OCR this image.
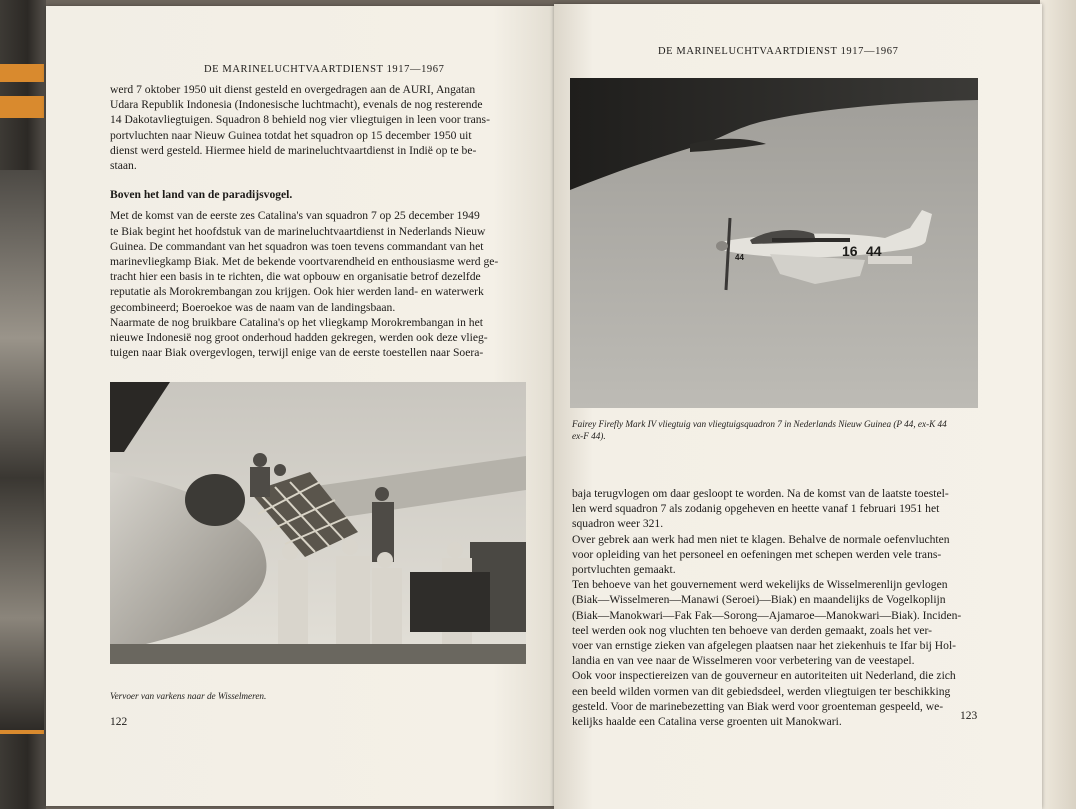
DE MARINELUCHTVAARTDIENST 1917—1967

werd 7 oktober 1950 uit dienst gesteld en overgedragen aan de AURI, Angatan

Udara Republik Indonesia (Indonesische luchtmacht), evenals de nog resterende

14 Dakotavliegtuigen. Squadron 8 behield nog vier vliegtuigen in leen voor trans-

portvluchten naar Nieuw Guinea totdat het squadron op 15 december 1950 uit

dienst werd gesteld. Hiermee hield de marineluchtvaartdienst in Indië op te be-

staan.

Boven het land van de paradijsvogel.

Met de komst van de eerste zes Catalina's van squadron 7 op 25 december 1949

te Biak begint het hoofdstuk van de marineluchtvaartdienst in Nederlands Nieuw

Guinea. De commandant van het squadron was toen tevens commandant van het

marinevliegkamp Biak. Met de bekende voortvarendheid en enthousiasme werd ge-

tracht hier een basis in te richten, die wat opbouw en organisatie betrof dezelfde

reputatie als Morokrembangan zou krijgen. Ook hier werden land- en waterwerk

gecombineerd; Boeroekoe was de naam van de landingsbaan.

Naarmate de nog bruikbare Catalina's op het vliegkamp Morokrembangan in het

nieuwe Indonesië nog groot onderhoud hadden gekregen, werden ook deze vlieg-

tuigen naar Biak overgevlogen, terwijl enige van de eerste toestellen naar Soera-

Vervoer van varkens naar de Wisselmeren.
122
DE MARINELUCHTVAARTDIENST 1917—1967
16 44
44
Fairey Firefly Mark IV vliegtuig van vliegtuigsquadron 7 in Nederlands Nieuw Guinea (P 44, ex-K 44
ex-F 44).

baja terugvlogen om daar gesloopt te worden. Na de komst van de laatste toestel-

len werd squadron 7 als zodanig opgeheven en heette vanaf 1 februari 1951 het

squadron weer 321.

Over gebrek aan werk had men niet te klagen. Behalve de normale oefenvluchten

voor opleiding van het personeel en oefeningen met schepen werden vele trans-

portvluchten gemaakt.

Ten behoeve van het gouvernement werd wekelijks de Wisselmerenlijn gevlogen

(Biak—Wisselmeren—Manawi (Seroei)—Biak) en maandelijks de Vogelkoplijn

(Biak—Manokwari—Fak Fak—Sorong—Ajamaroe—Manokwari—Biak). Inciden-

teel werden ook nog vluchten ten behoeve van derden gemaakt, zoals het ver-

voer van ernstige zieken van afgelegen plaatsen naar het ziekenhuis te Ifar bij Hol-

landia en van vee naar de Wisselmeren voor verbetering van de veestapel.

Ook voor inspectiereizen van de gouverneur en autoriteiten uit Nederland, die zich

een beeld wilden vormen van dit gebiedsdeel, werden vliegtuigen ter beschikking

gesteld. Voor de marinebezetting van Biak werd voor groenteman gespeeld, we-

kelijks haalde een Catalina verse groenten uit Manokwari.	123
